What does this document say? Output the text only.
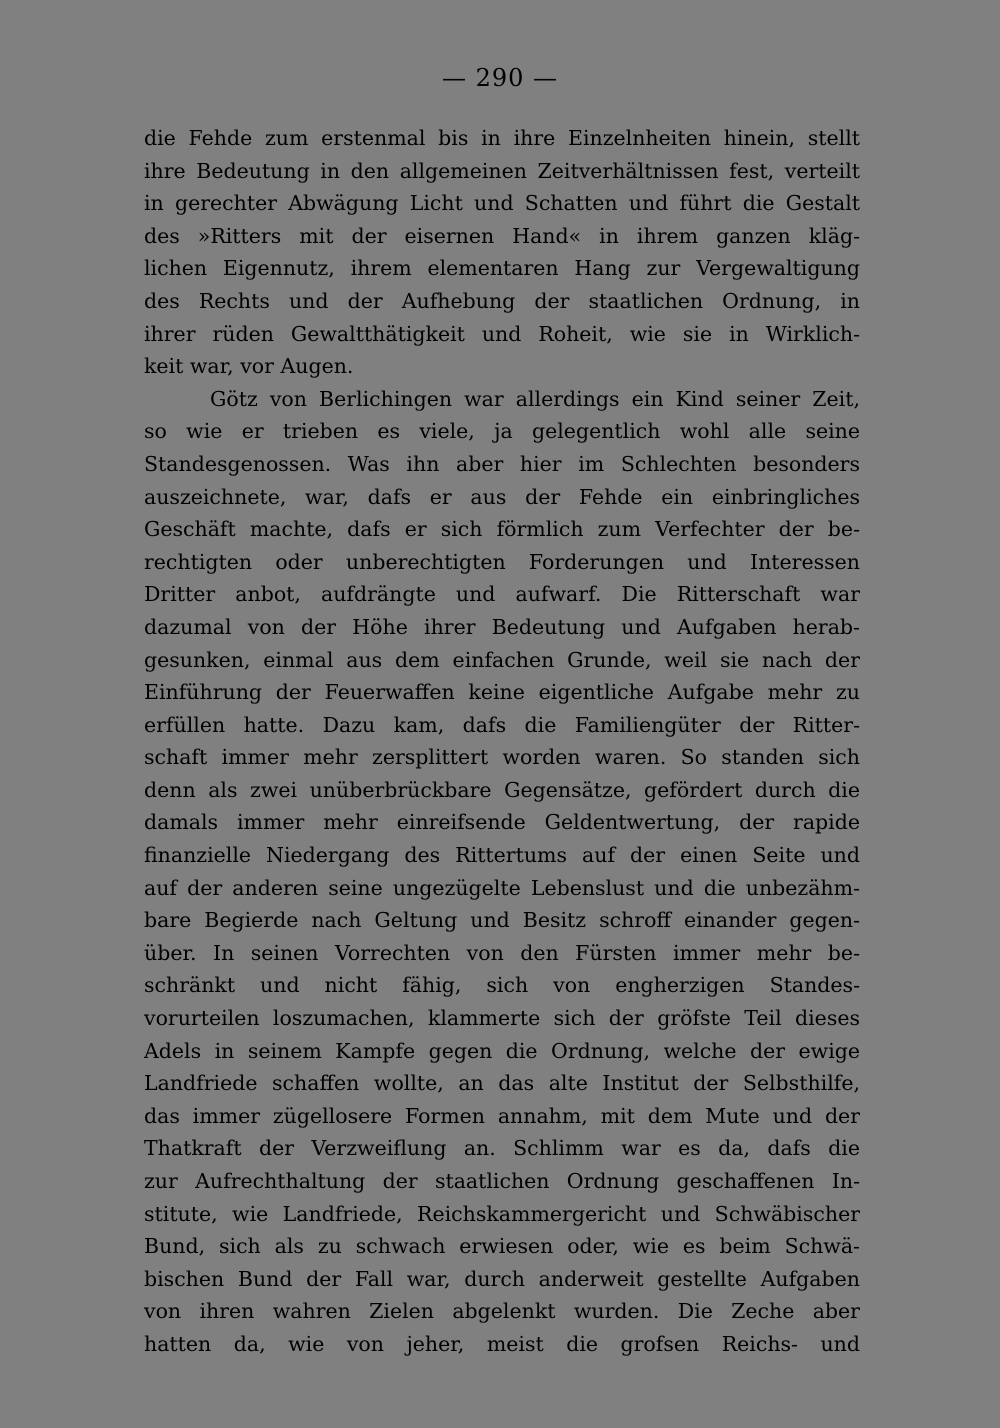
— 290 —
die Fehde zum erstenmal bis in ihre Einzelnheiten hinein, stellt
ihre Bedeutung in den allgemeinen Zeitverhältnissen fest, verteilt
in gerechter Abwägung Licht und Schatten und führt die Gestalt
des »Ritters mit der eisernen Hand« in ihrem ganzen kläg-
lichen Eigennutz, ihrem elementaren Hang zur Vergewaltigung
des Rechts und der Aufhebung der staatlichen Ordnung, in
ihrer rüden Gewaltthätigkeit und Roheit, wie sie in Wirklich-
keit war, vor Augen.
Götz von Berlichingen war allerdings ein Kind seiner Zeit,
so wie er trieben es viele, ja gelegentlich wohl alle seine
Standesgenossen. Was ihn aber hier im Schlechten besonders
auszeichnete, war, dafs er aus der Fehde ein einbringliches
Geschäft machte, dafs er sich förmlich zum Verfechter der be-
rechtigten oder unberechtigten Forderungen und Interessen
Dritter anbot, aufdrängte und aufwarf. Die Ritterschaft war
dazumal von der Höhe ihrer Bedeutung und Aufgaben herab-
gesunken, einmal aus dem einfachen Grunde, weil sie nach der
Einführung der Feuerwaffen keine eigentliche Aufgabe mehr zu
erfüllen hatte. Dazu kam, dafs die Familiengüter der Ritter-
schaft immer mehr zersplittert worden waren. So standen sich
denn als zwei unüberbrückbare Gegensätze, gefördert durch die
damals immer mehr einreifsende Geldentwertung, der rapide
finanzielle Niedergang des Rittertums auf der einen Seite und
auf der anderen seine ungezügelte Lebenslust und die unbezähm-
bare Begierde nach Geltung und Besitz schroff einander gegen-
über. In seinen Vorrechten von den Fürsten immer mehr be-
schränkt und nicht fähig, sich von engherzigen Standes-
vorurteilen loszumachen, klammerte sich der gröfste Teil dieses
Adels in seinem Kampfe gegen die Ordnung, welche der ewige
Landfriede schaffen wollte, an das alte Institut der Selbsthilfe,
das immer zügellosere Formen annahm, mit dem Mute und der
Thatkraft der Verzweiflung an. Schlimm war es da, dafs die
zur Aufrechthaltung der staatlichen Ordnung geschaffenen In-
stitute, wie Landfriede, Reichskammergericht und Schwäbischer
Bund, sich als zu schwach erwiesen oder, wie es beim Schwä-
bischen Bund der Fall war, durch anderweit gestellte Aufgaben
von ihren wahren Zielen abgelenkt wurden. Die Zeche aber
hatten da, wie von jeher, meist die grofsen Reichs- und
